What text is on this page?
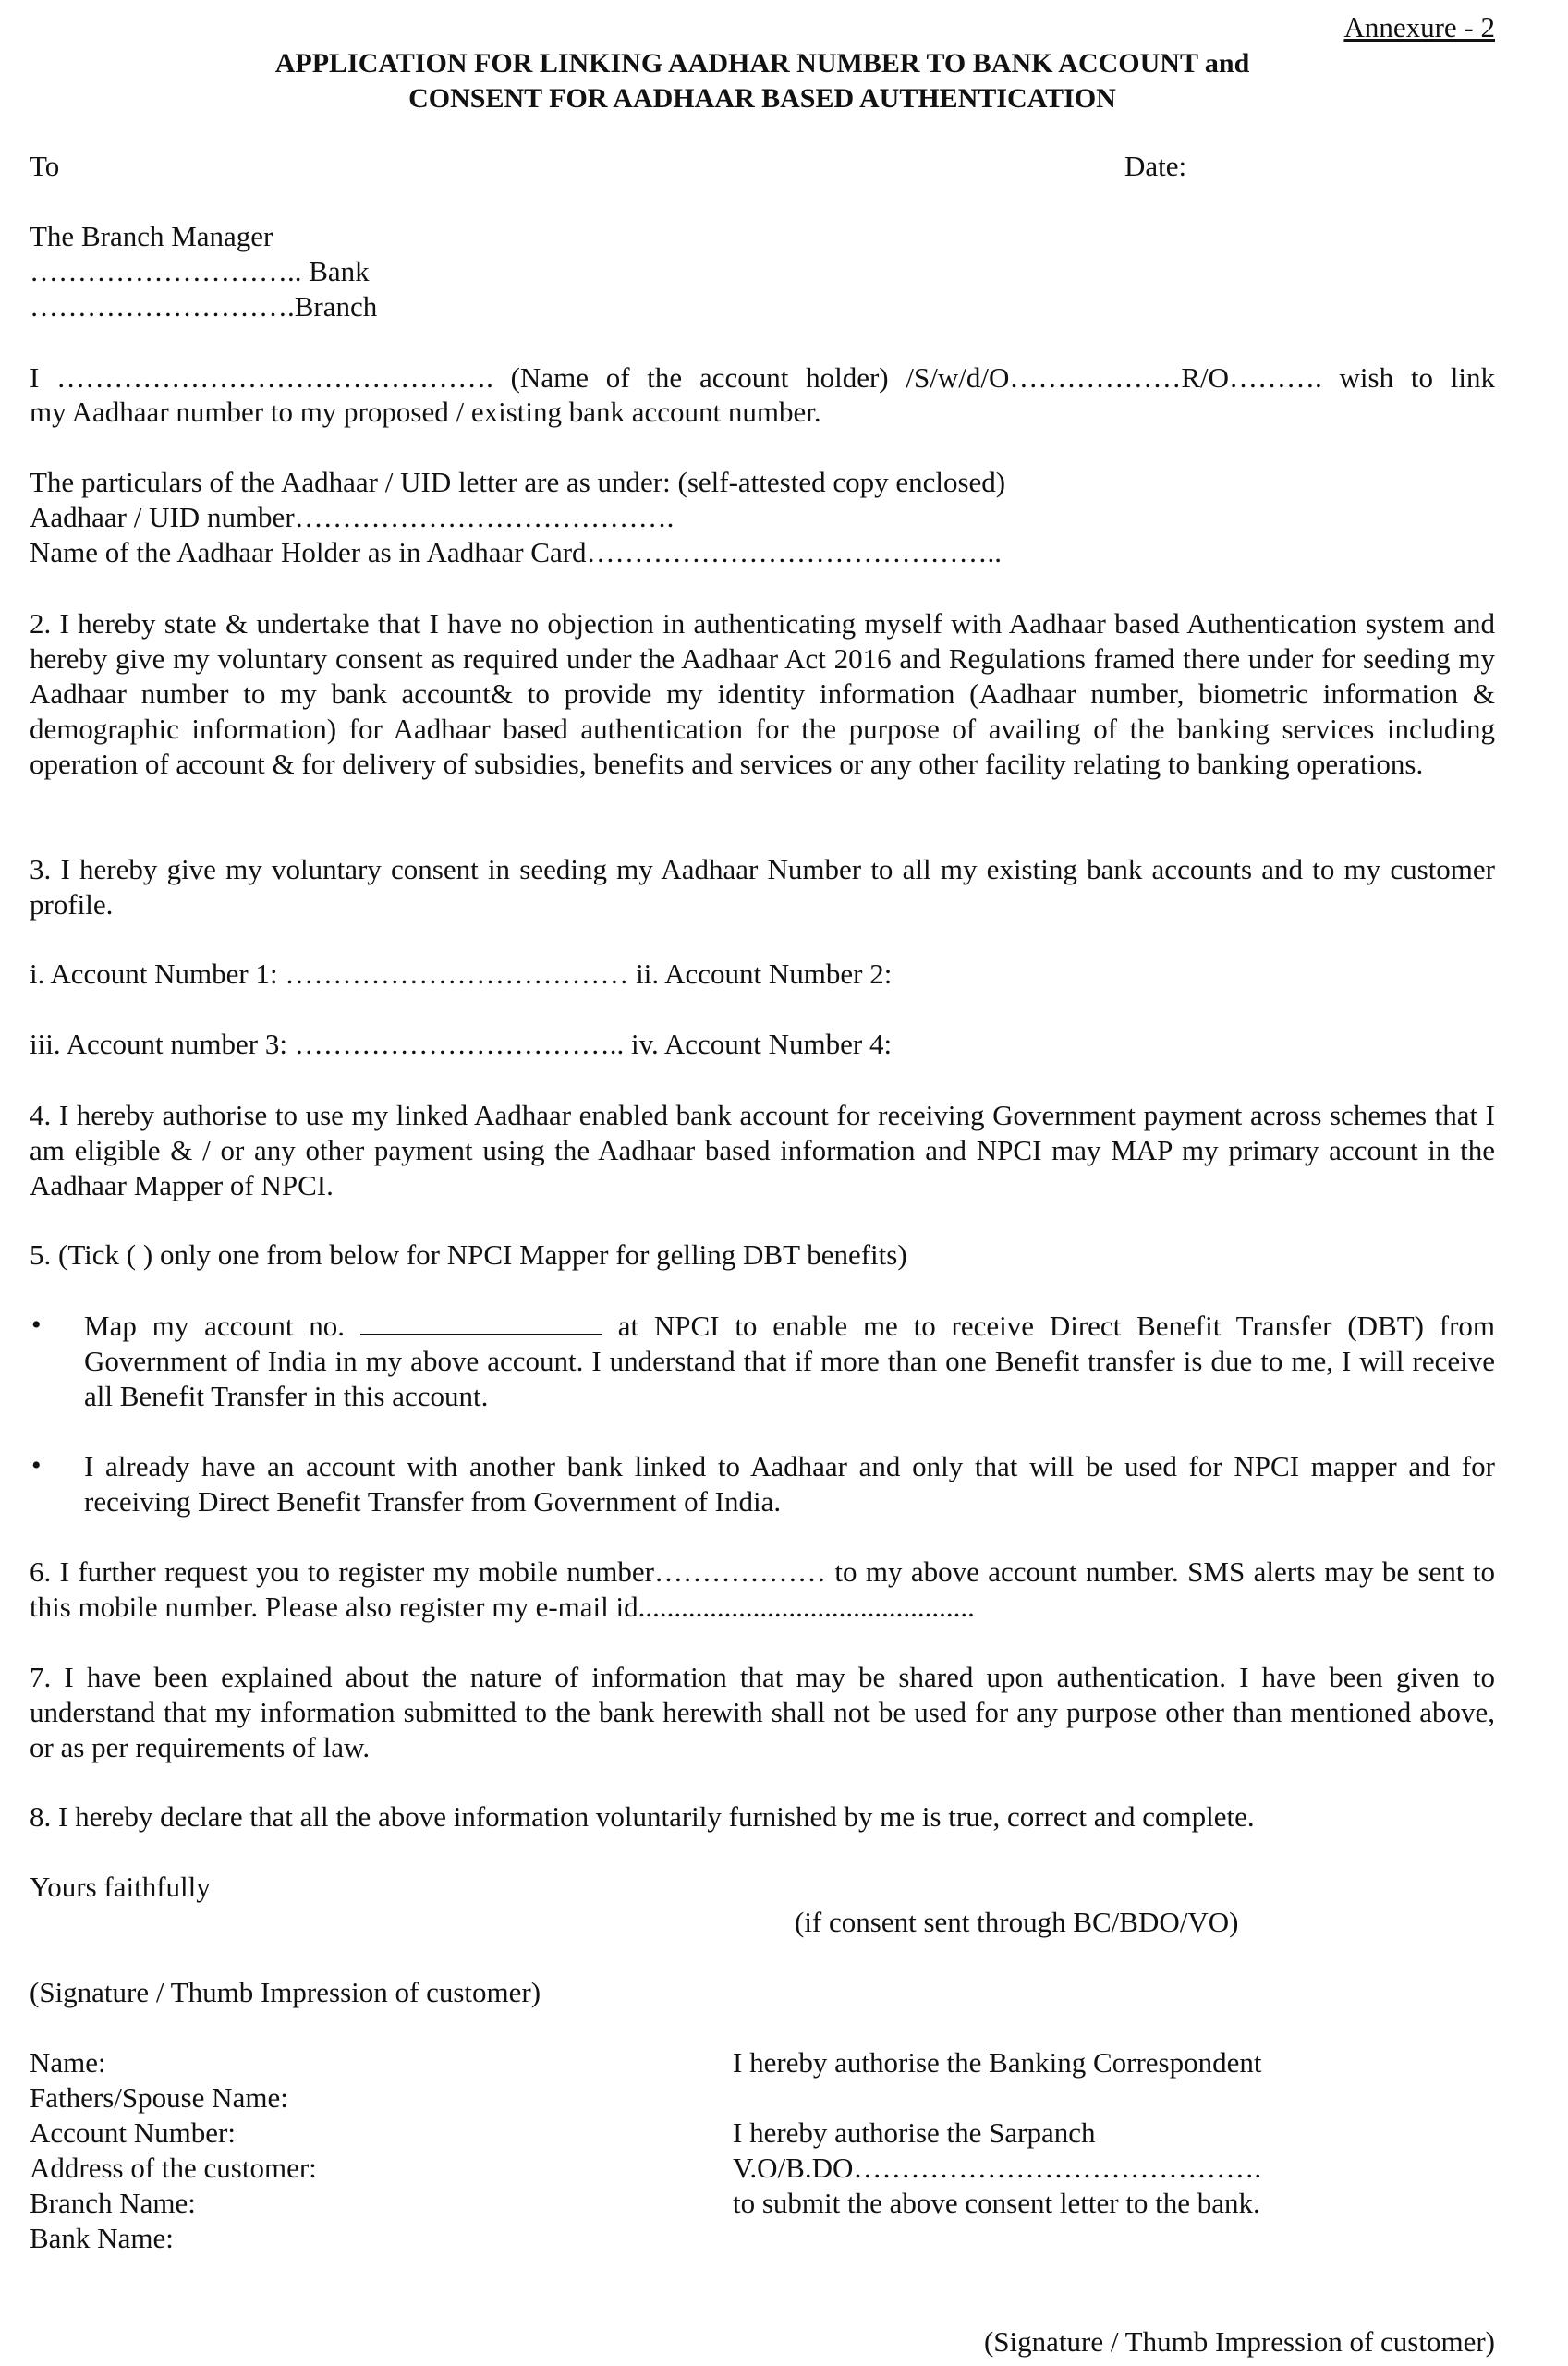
Annexure - 2
APPLICATION FOR LINKING AADHAR NUMBER TO BANK ACCOUNT and
CONSENT FOR AADHAAR BASED AUTHENTICATION
To	Date:
The Branch Manager
……………………….. Bank
……………………….Branch
I ………………………………………. (Name of the account holder) /S/w/d/O………………R/O………. wish to link
my Aadhaar number to my proposed / existing bank account number.
The particulars of the Aadhaar / UID letter are as under: (self-attested copy enclosed)
Aadhaar / UID number………………………………….
Name of the Aadhaar Holder as in Aadhaar Card……………………………………..
2. I hereby state & undertake that I have no objection in authenticating myself with Aadhaar based Authentication system and hereby give my voluntary consent as required under the Aadhaar Act 2016 and Regulations framed there under for seeding my Aadhaar number to my bank account& to provide my identity information (Aadhaar number, biometric information & demographic information) for Aadhaar based authentication for the purpose of availing of the banking services including operation of account & for delivery of subsidies, benefits and services or any other facility relating to banking operations.
3. I hereby give my voluntary consent in seeding my Aadhaar Number to all my existing bank accounts and to my customer profile.
i. Account Number 1: ……………………………… ii. Account Number 2:
iii. Account number 3: …………………………….. iv. Account Number 4:
4. I hereby authorise to use my linked Aadhaar enabled bank account for receiving Government payment across schemes that I am eligible & / or any other payment using the Aadhaar based information and NPCI may MAP my primary account in the Aadhaar Mapper of NPCI.
5. (Tick ( ) only one from below for NPCI Mapper for gelling DBT benefits)
• Map my account no.	at NPCI to enable me to receive Direct Benefit Transfer (DBT) from Government of India in my above account. I understand that if more than one Benefit transfer is due to me, I will receive all Benefit Transfer in this account.
• I already have an account with another bank linked to Aadhaar and only that will be used for NPCI mapper and for receiving Direct Benefit Transfer from Government of India.
6. I further request you to register my mobile number……………… to my above account number. SMS alerts may be sent to this mobile number. Please also register my e-mail id...............................................
7. I have been explained about the nature of information that may be shared upon authentication. I have been given to understand that my information submitted to the bank herewith shall not be used for any purpose other than mentioned above, or as per requirements of law.
8. I hereby declare that all the above information voluntarily furnished by me is true, correct and complete.
Yours faithfully
(if consent sent through BC/BDO/VO)
(Signature / Thumb Impression of customer)
Name:
Fathers/Spouse Name:
Account Number:
Address of the customer:
Branch Name:
Bank Name:
I hereby authorise the Banking Correspondent
I hereby authorise the Sarpanch
V.O/B.DO…………………………………….
to submit the above consent letter to the bank.
(Signature / Thumb Impression of customer)
